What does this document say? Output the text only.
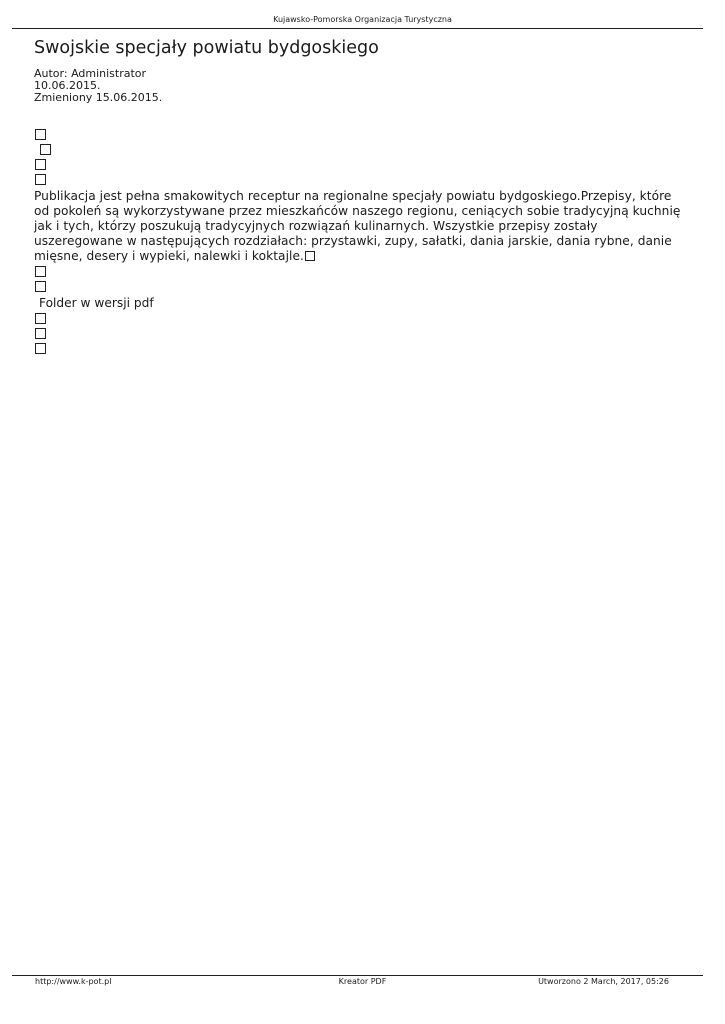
Kujawsko-Pomorska Organizacja Turystyczna
Swojskie specjały powiatu bydgoskiego
Autor: Administrator
10.06.2015.
Zmieniony 15.06.2015.

Publikacja jest pełna smakowitych receptur na regionalne specjały powiatu bydgoskiego.Przepisy, które od pokoleń są wykorzystywane przez mieszkańców naszego regionu, ceniących sobie tradycyjną kuchnię jak i tych, którzy poszukują tradycyjnych rozwiązań kulinarnych. Wszystkie przepisy zostały uszeregowane w następujących rozdziałach: przystawki, zupy, sałatki, dania jarskie, dania rybne, danie mięsne, desery i wypieki, nalewki i koktajle.

Folder w wersji pdf

http://www.k-pot.pl	Kreator PDF	Utworzono 2 March, 2017, 05:26
